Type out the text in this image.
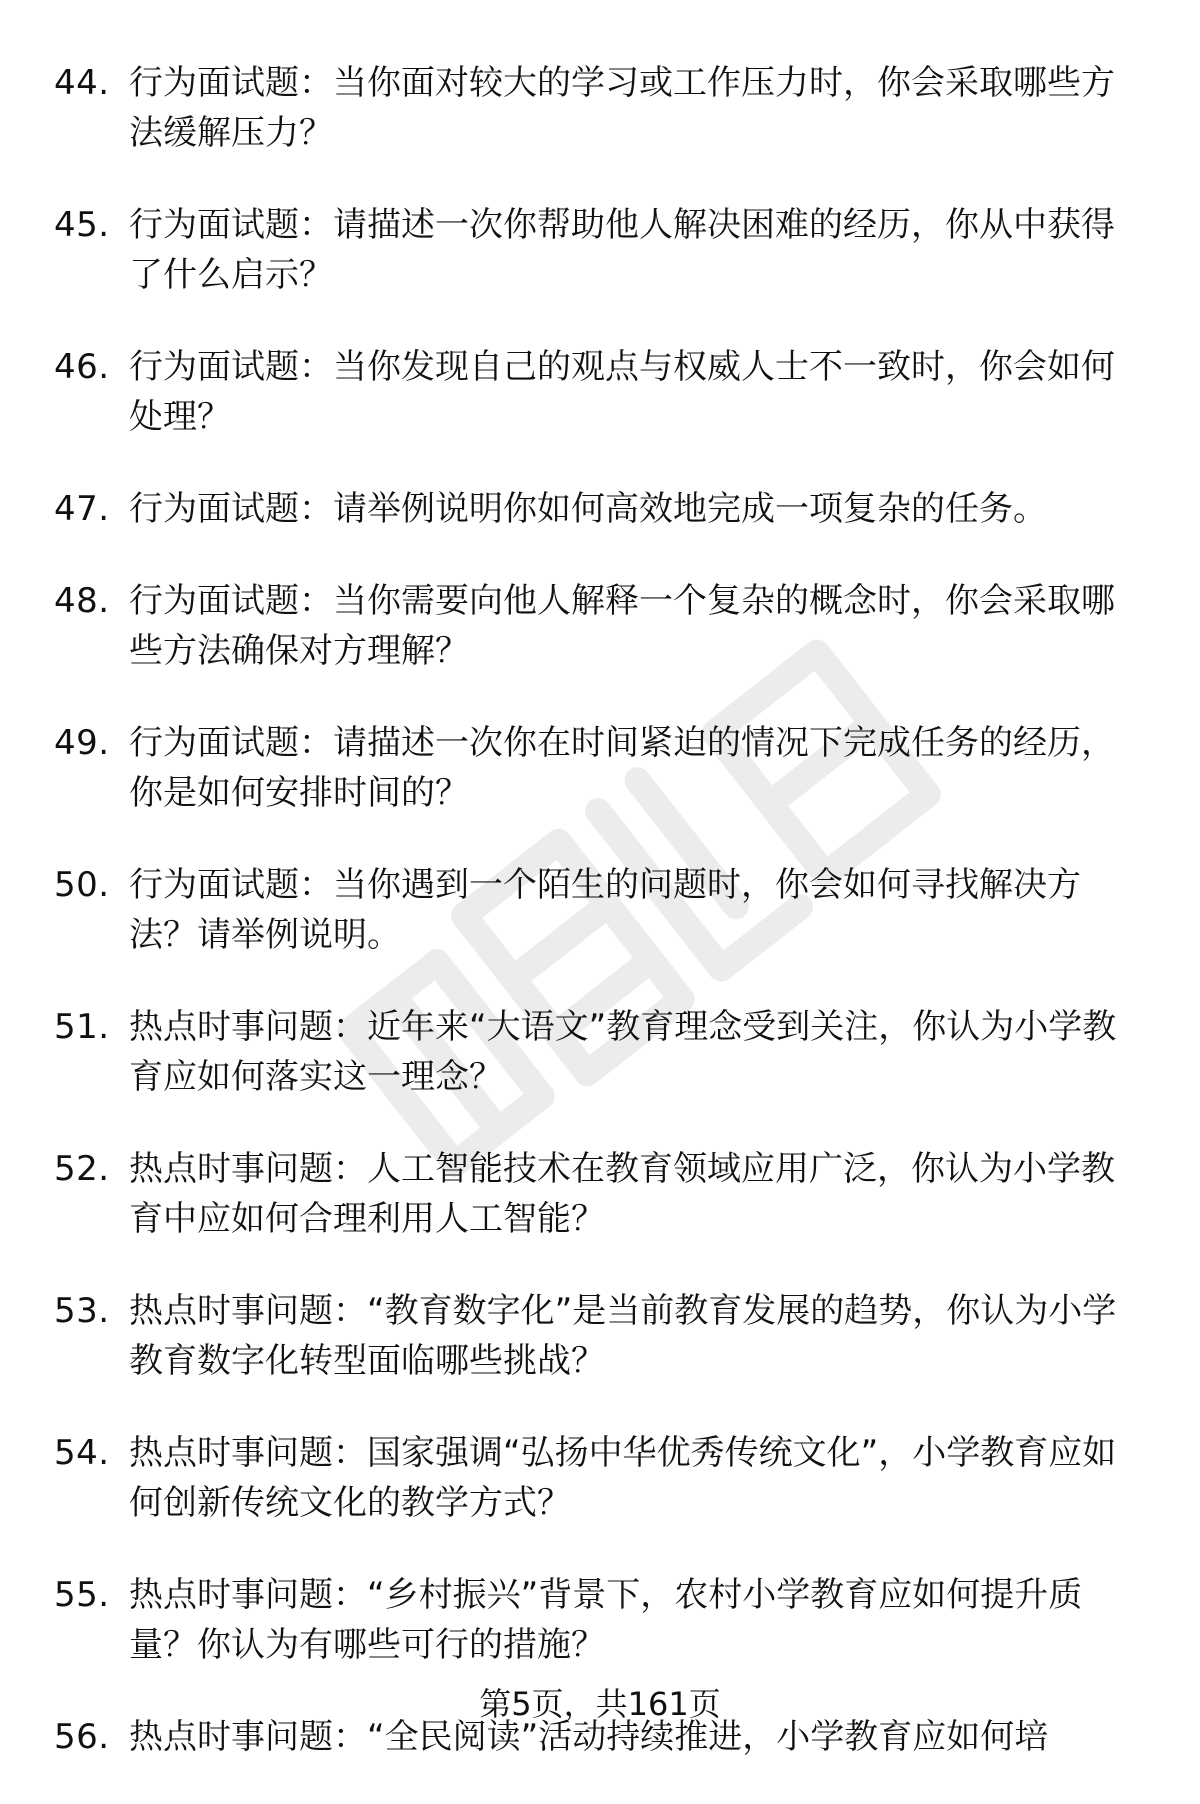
44. 行为面试题：当你面对较大的学习或工作压力时，你会采取哪些方法缓解压力？
45. 行为面试题：请描述一次你帮助他人解决困难的经历，你从中获得了什么启示？
46. 行为面试题：当你发现自己的观点与权威人士不一致时，你会如何处理？
47. 行为面试题：请举例说明你如何高效地完成一项复杂的任务。
48. 行为面试题：当你需要向他人解释一个复杂的概念时，你会采取哪些方法确保对方理解？
49. 行为面试题：请描述一次你在时间紧迫的情况下完成任务的经历，你是如何安排时间的？
50. 行为面试题：当你遇到一个陌生的问题时，你会如何寻找解决方法？请举例说明。
51. 热点时事问题：近年来“大语文”教育理念受到关注，你认为小学教育应如何落实这一理念？
52. 热点时事问题：人工智能技术在教育领域应用广泛，你认为小学教育中应如何合理利用人工智能？
53. 热点时事问题：“教育数字化”是当前教育发展的趋势，你认为小学教育数字化转型面临哪些挑战？
54. 热点时事问题：国家强调“弘扬中华优秀传统文化”，小学教育应如何创新传统文化的教学方式？
55. 热点时事问题：“乡村振兴”背景下，农村小学教育应如何提升质量？你认为有哪些可行的措施？
56. 热点时事问题：“全民阅读”活动持续推进，小学教育应如何培
第5页，共161页
